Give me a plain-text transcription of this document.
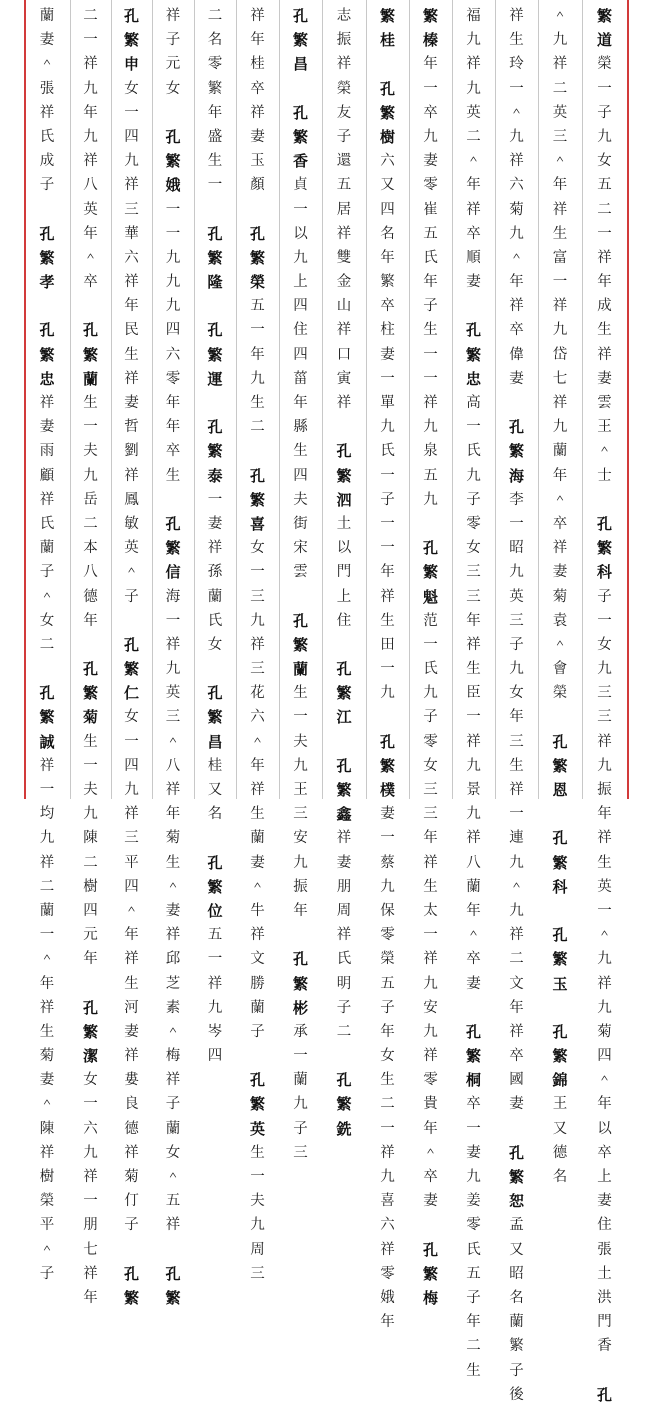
繁
道
榮
一
子
九
女
五
二
一
祥
年
成
生
祥
妻
雲
王
＾
士

孔
繁
科
子
一
女
九
三
三
祥
九
振
年
祥
生
英
一
＾
九
祥
九
菊
四
＾
年
以
卒
上
妻
住
張
土
洪
門
香

孔
＾
九
祥
二
英
三
＾
年
祥
生
富
一
祥
九
岱
七
祥
九
蘭
年
＾
卒
祥
妻
菊
袁
＾
會
榮

孔
繁
恩

孔
繁
科

孔
繁
玉

孔
繁
錦
王
又
德
名
祥
生
玲
一
＾
九
祥
六
菊
九
＾
年
祥
卒
偉
妻

孔
繁
海
李
一
昭
九
英
三
子
九
女
年
三
生
祥
一
連
九
＾
九
祥
二
文
年
祥
卒
國
妻

孔
繁
恕
孟
又
昭
名
蘭
繁
子
後
福
九
祥
九
英
二
＾
年
祥
卒
順
妻

孔
繁
忠
高
一
氏
九
子
零
女
三
三
年
祥
生
臣
一
祥
九
景
九
祥
八
蘭
年
＾
卒
妻

孔
繁
桐
卒
一
妻
九
姜
零
氏
五
子
年
二
生
繁
榛
年
一
卒
九
妻
零
崔
五
氏
年
子
生
一
一
祥
九
泉
五
九

孔
繁
魁
范
一
氏
九
子
零
女
三
三
年
祥
生
太
一
祥
九
安
九
祥
零
貴
年
＾
卒
妻

孔
繁
梅
繁
桂

孔
繁
樹
六
又
四
名
年
繁
卒
柱
妻
一
單
九
氏
一
子
一
一
年
祥
生
田
一
九

孔
繁
樸
妻
一
蔡
九
保
零
榮
五
子
年
女
生
二
一
祥
九
喜
六
祥
零
娥
年
志
振
祥
榮
友
子
還
五
居
祥
雙
金
山
祥
口
寅
祥

孔
繁
泗
土
以
門
上
住

孔
繁
江

孔
繁
鑫
祥
妻
朋
周
祥
氏
明
子
二

孔
繁
銑
孔
繁
昌

孔
繁
香
貞
一
以
九
上
四
住
四
菑
年
縣
生
四
夫
街
宋
雲

孔
繁
蘭
生
一
夫
九
王
三
安
九
振
年

孔
繁
彬
承
一
蘭
九
子
三
祥
年
桂
卒
祥
妻
玉
顏

孔
繁
榮
五
一
年
九
生
二

孔
繁
喜
女
一
三
九
祥
三
花
六
＾
年
祥
生
蘭
妻
＾
牛
祥
文
勝
蘭
子

孔
繁
英
生
一
夫
九
周
三
二
名
零
繁
年
盛
生
一

孔
繁
隆

孔
繁
運

孔
繁
泰
一
妻
祥
孫
蘭
氏
女

孔
繁
昌
桂
又
名

孔
繁
位
五
一
祥
九
岑
四
祥
子
元
女

孔
繁
娥
一
一
九
九
九
四
六
零
年
年
卒
生

孔
繁
信
海
一
祥
九
英
三
＾
八
祥
年
菊
生
＾
妻
祥
邱
芝
素
＾
梅
祥
子
蘭
女
＾
五
祥

孔
繁
孔
繁
申
女
一
四
九
祥
三
華
六
祥
年
民
生
祥
妻
哲
劉
祥
鳳
敏
英
＾
子

孔
繁
仁
女
一
四
九
祥
三
平
四
＾
年
祥
生
河
妻
祥
婁
良
德
祥
菊
仃
子

孔
繁
二
一
祥
九
年
九
祥
八
英
年
＾
卒

孔
繁
蘭
生
一
夫
九
岳
二
本
八
德
年

孔
繁
菊
生
一
夫
九
陳
二
樹
四
元
年

孔
繁
潔
女
一
六
九
祥
一
朋
七
祥
年
蘭
妻
＾
張
祥
氏
成
子

孔
繁
孝

孔
繁
忠
祥
妻
雨
顧
祥
氏
蘭
子
＾
女
二

孔
繁
誠
祥
一
均
九
祥
二
蘭
一
＾
年
祥
生
菊
妻
＾
陳
祥
樹
榮
平
＾
子
